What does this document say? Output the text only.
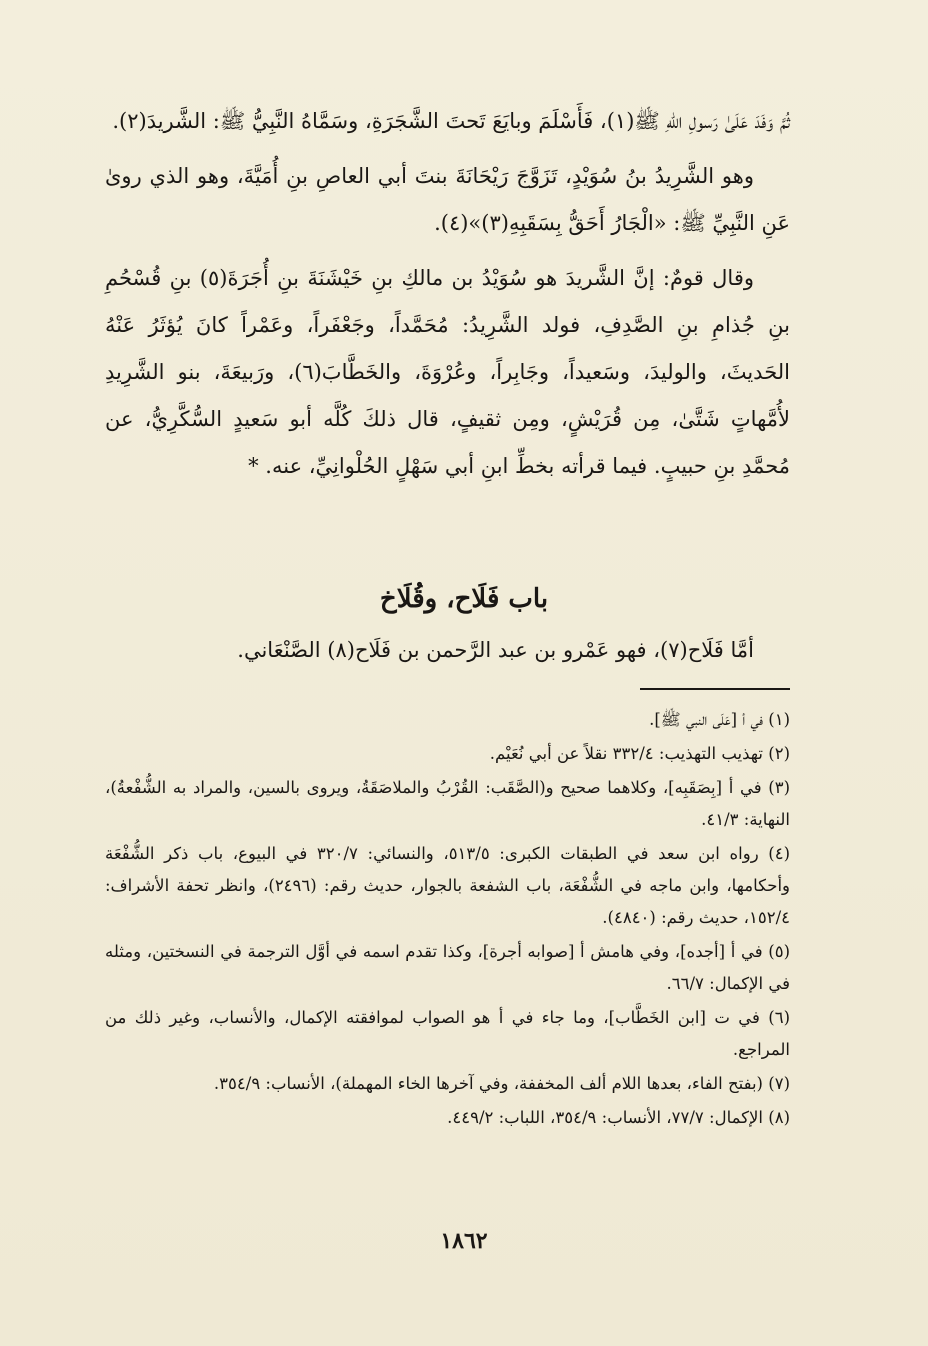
ثُمَّ وَفَدَ عَلَىٰ رَسولِ اللهِ ﷺ(١)، فَأَسْلَمَ وبايَعَ تَحتَ الشَّجَرَةِ، وسَمَّاهُ النَّبِيُّ ﷺ: الشَّريدَ(٢).

وهو الشَّرِيدُ بنُ سُوَيْدٍ، تَزَوَّجَ رَيْحَانَةَ بنتَ أبي العاصِ بنِ أُمَيَّةَ، وهو الذي روىٰ عَنِ النَّبِيِّ ﷺ: «الْجَارُ أَحَقُّ بِسَقَبِهِ(٣)»(٤).

وقال قومٌ: إنَّ الشَّريدَ هو سُوَيْدُ بن مالكِ بنِ خَيْشَنَةَ بنِ أُجَرَةَ(٥) بنِ قُسْحُمِ بنِ جُذامِ بنِ الصَّدِفِ، فولد الشَّرِيدُ: مُحَمَّداً، وجَعْفَراً، وعَمْراً كانَ يُؤثَرُ عَنْهُ الحَديثَ، والوليدَ، وسَعيداً، وجَابِراً، وعُرْوَةَ، والخَطَّابَ(٦)، ورَبيعَةَ، بنو الشَّرِيدِ لأُمَّهاتٍ شَتَّىٰ، مِن قُرَيْشٍ، ومِن ثقيفٍ، قال ذلكَ كُلَّه أبو سَعيدٍ السُّكَّرِيُّ، عن مُحمَّدِ بنِ حبيبٍ. فيما قرأته بخطِّ ابنِ أبي سَهْلٍ الحُلْوانِيِّ، عنه. *

باب فَلَاح، وقُلَاخ

أمَّا فَلَاح(٧)، فهو عَمْرو بن عبد الرَّحمن بن فَلَاح(٨) الصَّنْعَاني.

(١) في أ [عَلَى النبي ﷺ].

(٢) تهذيب التهذيب: ٣٣٢/٤ نقلاً عن أبي نُعَيْم.

(٣) في أ [بِصَقَبِه]، وكلاهما صحيح و(الصَّقَب: القُرْبُ والملاصَقَةُ، ويروى بالسين، والمراد به الشُّفْعةُ)، النهاية: ٤١/٣.

(٤) رواه ابن سعد في الطبقات الكبرى: ٥١٣/٥، والنسائي: ٣٢٠/٧ في البيوع، باب ذكر الشُّفْعَة وأحكامها، وابن ماجه في الشُّفْعَة، باب الشفعة بالجوار، حديث رقم: (٢٤٩٦)، وانظر تحفة الأشراف: ١٥٢/٤، حديث رقم: (٤٨٤٠).

(٥) في أ [أجده]، وفي هامش أ [صوابه أجرة]، وكذا تقدم اسمه في أوَّل الترجمة في النسختين، ومثله في الإكمال: ٦٦/٧.

(٦) في ت [ابن الخَطَّاب]، وما جاء في أ هو الصواب لموافقته الإكمال، والأنساب، وغير ذلك من المراجع.

(٧) (بفتح الفاء، بعدها اللام ألف المخففة، وفي آخرها الخاء المهملة)، الأنساب: ٣٥٤/٩.

(٨) الإكمال: ٧٧/٧، الأنساب: ٣٥٤/٩، اللباب: ٤٤٩/٢.

١٨٦٢
